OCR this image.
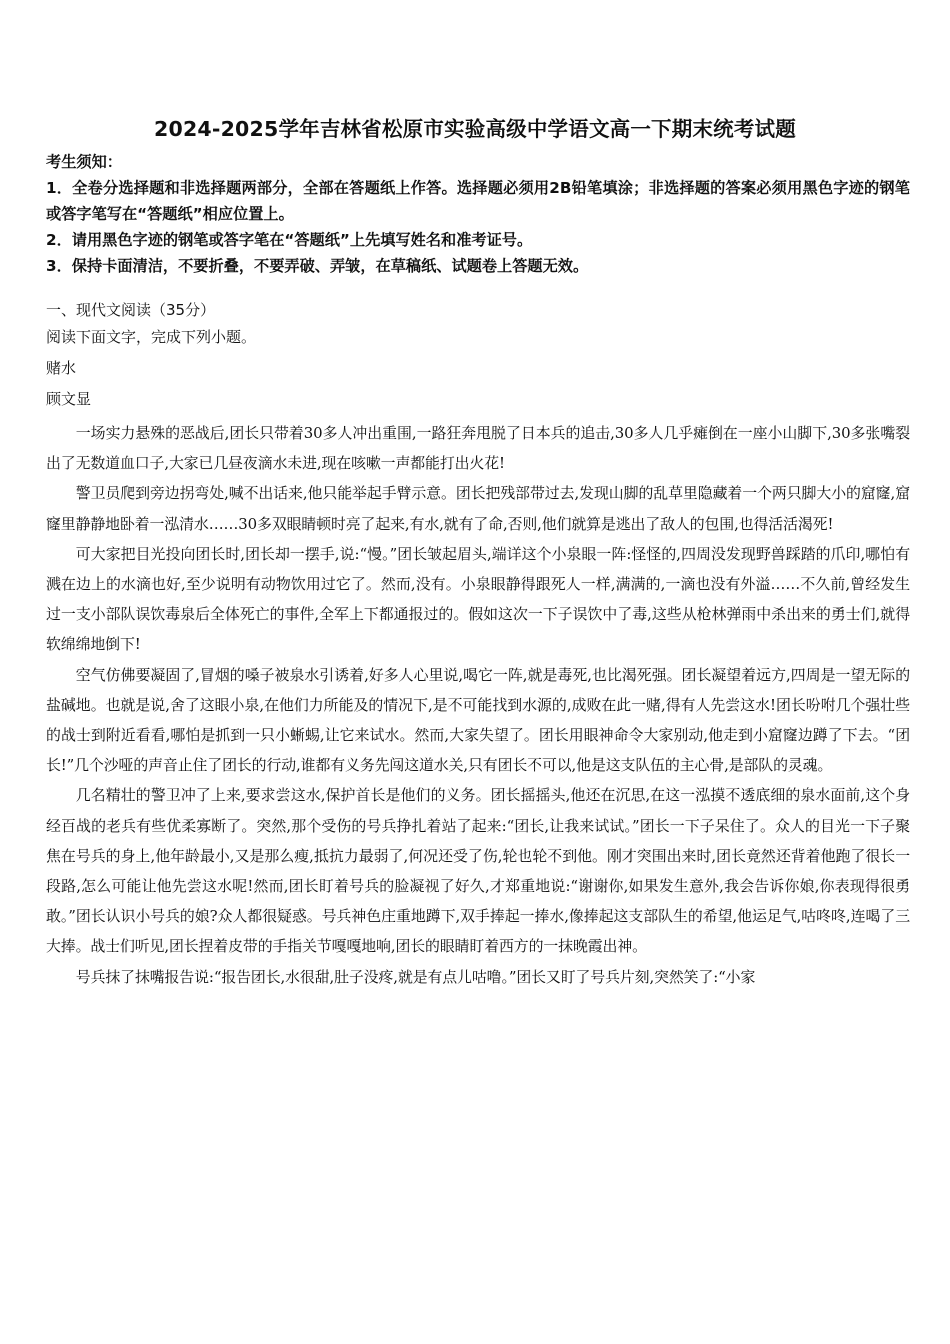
2024-2025学年吉林省松原市实验高级中学语文高一下期末统考试题
考生须知：
1．全卷分选择题和非选择题两部分，全部在答题纸上作答。选择题必须用2B铅笔填涂；非选择题的答案必须用黑色字迹的钢笔或答字笔写在“答题纸”相应位置上。
2．请用黑色字迹的钢笔或答字笔在“答题纸”上先填写姓名和准考证号。
3．保持卡面清洁，不要折叠，不要弄破、弄皱，在草稿纸、试题卷上答题无效。
一、现代文阅读（35分）
阅读下面文字，完成下列小题。
赌水
顾文显

一场实力悬殊的恶战后,团长只带着30多人冲出重围,一路狂奔甩脱了日本兵的追击,30多人几乎瘫倒在一座小山脚下,30多张嘴裂出了无数道血口子,大家已几昼夜滴水未进,现在咳嗽一声都能打出火花!

警卫员爬到旁边拐弯处,喊不出话来,他只能举起手臂示意。团长把残部带过去,发现山脚的乱草里隐藏着一个两只脚大小的窟窿,窟窿里静静地卧着一泓清水……30多双眼睛顿时亮了起来,有水,就有了命,否则,他们就算是逃出了敌人的包围,也得活活渴死!

可大家把目光投向团长时,团长却一摆手,说:“慢。”团长皱起眉头,端详这个小泉眼一阵:怪怪的,四周没发现野兽踩踏的爪印,哪怕有溅在边上的水滴也好,至少说明有动物饮用过它了。然而,没有。小泉眼静得跟死人一样,满满的,一滴也没有外溢……不久前,曾经发生过一支小部队误饮毒泉后全体死亡的事件,全军上下都通报过的。假如这次一下子误饮中了毒,这些从枪林弹雨中杀出来的勇士们,就得软绵绵地倒下!

空气仿佛要凝固了,冒烟的嗓子被泉水引诱着,好多人心里说,喝它一阵,就是毒死,也比渴死强。团长凝望着远方,四周是一望无际的盐碱地。也就是说,舍了这眼小泉,在他们力所能及的情况下,是不可能找到水源的,成败在此一赌,得有人先尝这水!团长吩咐几个强壮些的战士到附近看看,哪怕是抓到一只小蜥蜴,让它来试水。然而,大家失望了。团长用眼神命令大家别动,他走到小窟窿边蹲了下去。“团长!”几个沙哑的声音止住了团长的行动,谁都有义务先闯这道水关,只有团长不可以,他是这支队伍的主心骨,是部队的灵魂。

几名精壮的警卫冲了上来,要求尝这水,保护首长是他们的义务。团长摇摇头,他还在沉思,在这一泓摸不透底细的泉水面前,这个身经百战的老兵有些优柔寡断了。突然,那个受伤的号兵挣扎着站了起来:“团长,让我来试试。”团长一下子呆住了。众人的目光一下子聚焦在号兵的身上,他年龄最小,又是那么瘦,抵抗力最弱了,何况还受了伤,轮也轮不到他。刚才突围出来时,团长竟然还背着他跑了很长一段路,怎么可能让他先尝这水呢!然而,团长盯着号兵的脸凝视了好久,才郑重地说:“谢谢你,如果发生意外,我会告诉你娘,你表现得很勇敢。”团长认识小号兵的娘?众人都很疑惑。号兵神色庄重地蹲下,双手捧起一捧水,像捧起这支部队生的希望,他运足气,咕咚咚,连喝了三大捧。战士们听见,团长捏着皮带的手指关节嘎嘎地响,团长的眼睛盯着西方的一抹晚霞出神。

号兵抹了抹嘴报告说:“报告团长,水很甜,肚子没疼,就是有点儿咕噜。”团长又盯了号兵片刻,突然笑了:“小家
